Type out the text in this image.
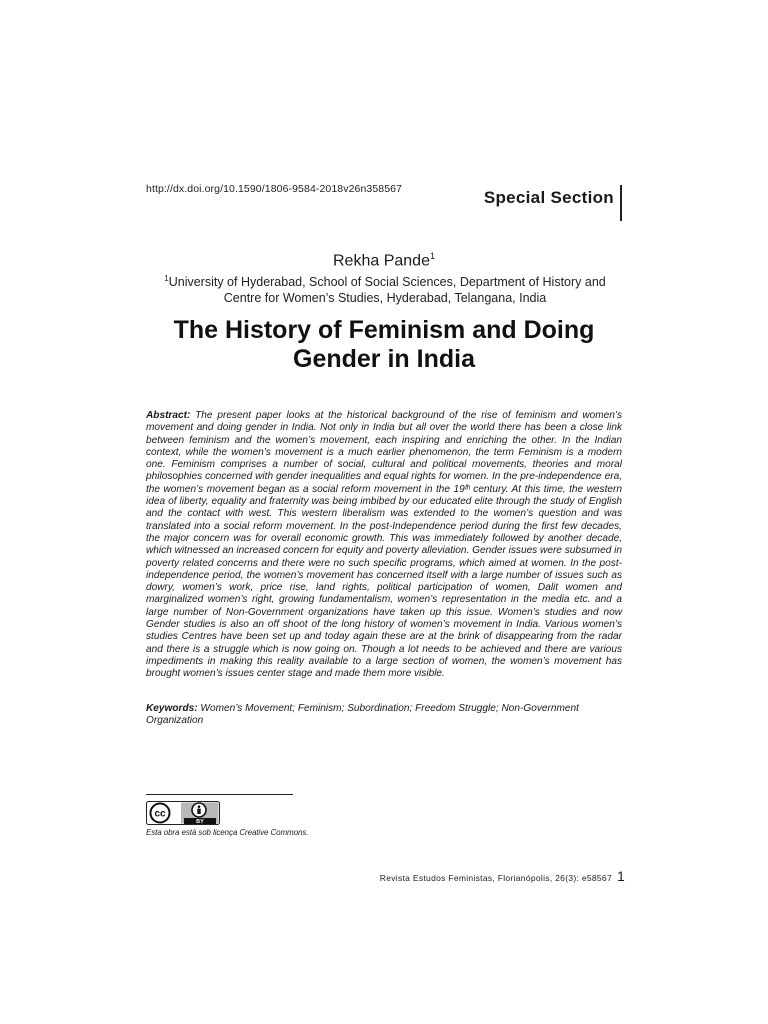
http://dx.doi.org/10.1590/1806-9584-2018v26n358567	Special Section
Rekha Pande$^1$
$^1$University of Hyderabad, School of Social Sciences, Department of History and
Centre for Women’s Studies, Hyderabad, Telangana, India
The History of Feminism and Doing
Gender in India
Abstract: The present paper looks at the historical background of the rise of feminism and women’s movement and doing gender in India. Not only in India but all over the world there has been a close link between feminism and the women’s movement, each inspiring and enriching the other. In the Indian context, while the women’s movement is a much earlier phenomenon, the term Feminism is a modern one. Feminism comprises a number of social, cultural and political movements, theories and moral philosophies concerned with gender inequalities and equal rights for women. In the pre-independence era, the women’s movement began as a social reform movement in the 19ᵗʰ century. At this time, the western idea of liberty, equality and fraternity was being imbibed by our educated elite through the study of English and the contact with west. This western liberalism was extended to the women’s question and was translated into a social reform movement. In the post-Independence period during the first few decades, the major concern was for overall economic growth. This was immediately followed by another decade, which witnessed an increased concern for equity and poverty alleviation. Gender issues were subsumed in poverty related concerns and there were no such specific programs, which aimed at women. In the post-independence period, the women’s movement has concerned itself with a large number of issues such as dowry, women’s work, price rise, land rights, political participation of women, Dalit women and marginalized women’s right, growing fundamentalism, women’s representation in the media etc. and a large number of Non-Government organizations have taken up this issue. Women’s studies and now Gender studies is also an off shoot of the long history of women’s movement in India. Various women’s studies Centres have been set up and today again these are at the brink of disappearing from the radar and there is a struggle which is now going on. Though a lot needs to be achieved and there are various impediments in making this reality available to a large section of women, the women’s movement has brought women’s issues center stage and made them more visible.
Keywords: Women’s Movement; Feminism; Subordination; Freedom Struggle; Non-Government Organization
cc
BY
Esta obra está sob licença Creative Commons.
Revista Estudos Feministas, Florianópolis, 26(3): e58567 1
